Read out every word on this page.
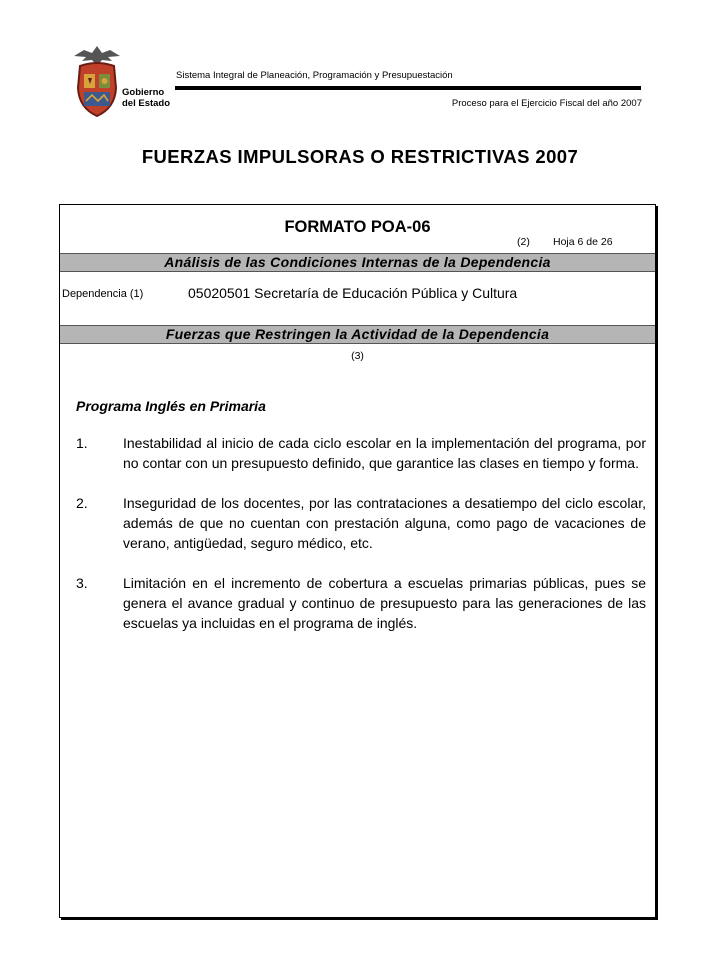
Gobierno
del Estado
Sistema Integral de Planeación, Programación y Presupuestación
Proceso para el Ejercicio Fiscal del año 2007
FUERZAS IMPULSORAS O RESTRICTIVAS 2007
FORMATO POA-06
(2) Hoja 6 de 26
Análisis de las Condiciones Internas de la Dependencia
Dependencia (1)	05020501 Secretaría de Educación Pública y Cultura
Fuerzas que Restringen la Actividad de la Dependencia
(3)
Programa Inglés en Primaria
1.	Inestabilidad al inicio de cada ciclo escolar en la implementación del programa, por no contar con un presupuesto definido, que garantice las clases en tiempo y forma.
2.	Inseguridad de los docentes, por las contrataciones a desatiempo del ciclo escolar, además de que no cuentan con prestación alguna, como pago de vacaciones de verano, antigüedad, seguro médico, etc.
3.	Limitación en el incremento de cobertura a escuelas primarias públicas, pues se genera el avance gradual y continuo de presupuesto para las generaciones de las escuelas ya incluidas en el programa de inglés.
